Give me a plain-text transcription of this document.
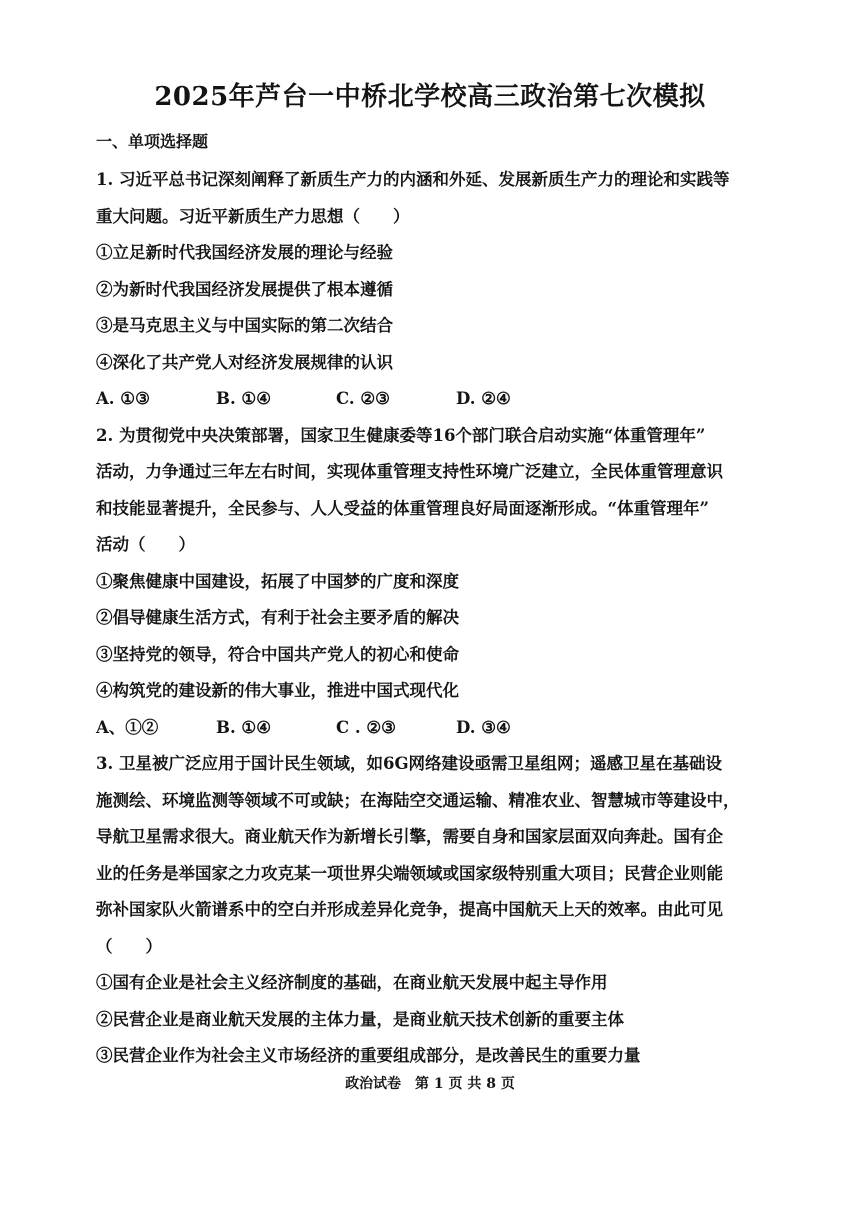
2025年芦台一中桥北学校高三政治第七次模拟
一、单项选择题
1. 习近平总书记深刻阐释了新质生产力的内涵和外延、发展新质生产力的理论和实践等
重大问题。习近平新质生产力思想（　　）
①立足新时代我国经济发展的理论与经验
②为新时代我国经济发展提供了根本遵循
③是马克思主义与中国实际的第二次结合
④深化了共产党人对经济发展规律的认识
A. ①③	B. ①④	C. ②③	D. ②④
2. 为贯彻党中央决策部署，国家卫生健康委等16个部门联合启动实施“体重管理年”
活动，力争通过三年左右时间，实现体重管理支持性环境广泛建立，全民体重管理意识
和技能显著提升，全民参与、人人受益的体重管理良好局面逐渐形成。“体重管理年”
活动（　　）
①聚焦健康中国建设，拓展了中国梦的广度和深度
②倡导健康生活方式，有利于社会主要矛盾的解决
③坚持党的领导，符合中国共产党人的初心和使命
④构筑党的建设新的伟大事业，推进中国式现代化
A、①②	B. ①④	C . ②③	D. ③④
3. 卫星被广泛应用于国计民生领域，如6G网络建设亟需卫星组网；遥感卫星在基础设
施测绘、环境监测等领域不可或缺；在海陆空交通运输、精准农业、智慧城市等建设中，
导航卫星需求很大。商业航天作为新增长引擎，需要自身和国家层面双向奔赴。国有企
业的任务是举国家之力攻克某一项世界尖端领域或国家级特别重大项目；民营企业则能
弥补国家队火箭谱系中的空白并形成差异化竞争，提高中国航天上天的效率。由此可见
（　　）
①国有企业是社会主义经济制度的基础，在商业航天发展中起主导作用
②民营企业是商业航天发展的主体力量，是商业航天技术创新的重要主体
③民营企业作为社会主义市场经济的重要组成部分，是改善民生的重要力量
政治试卷　第 1 页 共 8 页
